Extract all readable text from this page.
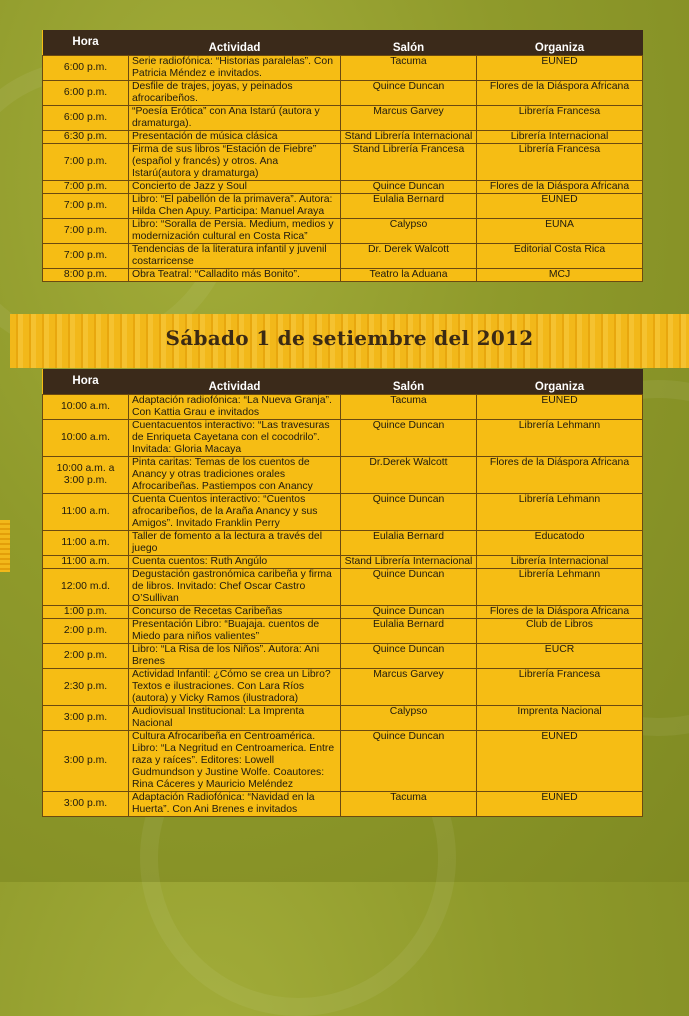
Hora	Actividad	Salón	Organiza
6:00 p.m.	Serie radiofónica: “Historias paralelas”. Con Patricia Méndez e invitados.	Tacuma	EUNED
6:00 p.m.	Desfile de trajes, joyas, y peinados afrocaribeños.	Quince Duncan	Flores de la Diáspora Africana
6:00 p.m.	“Poesía Erótica” con Ana Istarú (autora y dramaturga).	Marcus Garvey	Librería Francesa
6:30 p.m.	Presentación de música clásica	Stand Librería Internacional	Librería Internacional
7:00 p.m.	Firma de sus libros “Estación de Fiebre” (español y francés) y otros. Ana Istarú(autora y dramaturga)	Stand Librería Francesa	Librería Francesa
7:00 p.m.	Concierto de Jazz y Soul	Quince Duncan	Flores de la Diáspora Africana
7:00 p.m.	Libro: “El pabellón de la primavera”. Autora: Hilda Chen Apuy. Participa: Manuel Araya	Eulalia Bernard	EUNED
7:00 p.m.	Libro: “Soralla de Persia. Medium, medios y modernización cultural en Costa Rica”	Calypso	EUNA
7:00 p.m.	Tendencias de la literatura infantil y juvenil costarricense	Dr. Derek Walcott	Editorial Costa Rica
8:00 p.m.	Obra Teatral: “Calladito más Bonito”.	Teatro la Aduana	MCJ
Sábado 1 de setiembre del 2012
Hora	Actividad	Salón	Organiza
10:00 a.m.	Adaptación radiofónica: “La Nueva Granja”. Con Kattia Grau e invitados	Tacuma	EUNED
10:00 a.m.	Cuentacuentos interactivo: “Las travesuras de Enriqueta Cayetana con el cocodrilo”. Invitada: Gloria Macaya	Quince Duncan	Librería Lehmann
10:00 a.m. a 3:00 p.m.	Pinta caritas: Temas de los cuentos de Anancy y otras tradiciones orales Afrocaribeñas. Pastiempos con Anancy	Dr.Derek Walcott	Flores de la Diáspora Africana
11:00 a.m.	Cuenta Cuentos interactivo: “Cuentos afrocaribeños, de la Araña Anancy y sus Amigos”. Invitado Franklin Perry	Quince Duncan	Librería Lehmann
11:00 a.m.	Taller de fomento a la lectura a través del juego	Eulalia Bernard	Educatodo
11:00 a.m.	Cuenta cuentos: Ruth Angúlo	Stand Librería Internacional	Librería Internacional
12:00 m.d.	Degustación gastronómica caribeña y firma de libros. Invitado: Chef Oscar Castro O’Sullivan	Quince Duncan	Librería Lehmann
1:00 p.m.	Concurso de Recetas Caribeñas	Quince Duncan	Flores de la Diáspora Africana
2:00 p.m.	Presentación Libro: “Buajaja. cuentos de Miedo para niños valientes”	Eulalia Bernard	Club de Libros
2:00 p.m.	Libro: “La Risa de los Niños”. Autora: Ani Brenes	Quince Duncan	EUCR
2:30 p.m.	Actividad Infantil: ¿Cómo se crea un Libro? Textos e ilustraciones. Con Lara Ríos (autora) y Vicky Ramos (ilustradora)	Marcus Garvey	Librería Francesa
3:00 p.m.	Audiovisual Institucional: La Imprenta Nacional	Calypso	Imprenta Nacional
3:00 p.m.	Cultura Afrocaribeña en Centroamérica. Libro: “La Negritud en Centroamerica. Entre raza y raíces”. Editores: Lowell Gudmundson y Justine Wolfe. Coautores: Rina Cáceres y Mauricio Meléndez	Quince Duncan	EUNED
3:00 p.m.	Adaptación Radiofónica: “Navidad en la Huerta”. Con Ani Brenes e invitados	Tacuma	EUNED
